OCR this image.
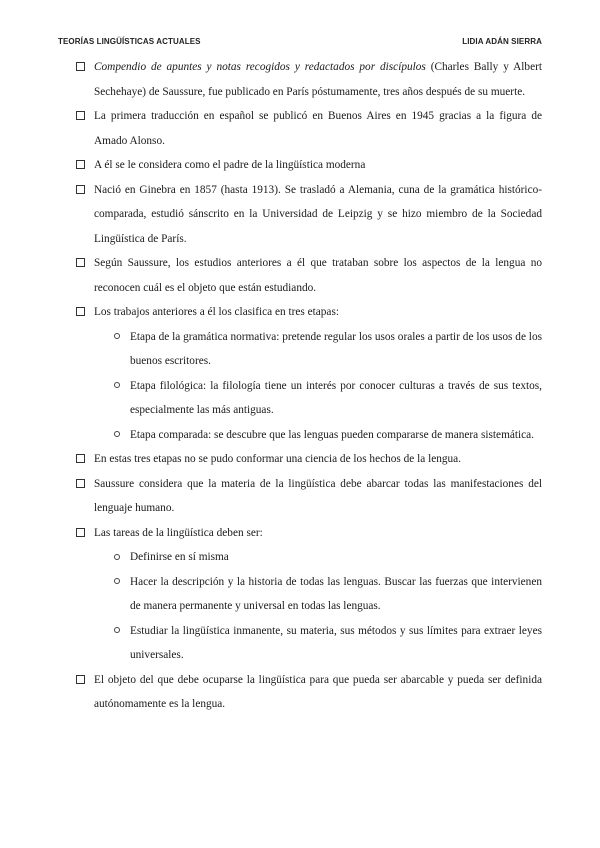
TEORÍAS LINGÜÍSTICAS ACTUALES	LIDIA ADÁN SIERRA
Compendio de apuntes y notas recogidos y redactados por discípulos (Charles Bally y Albert Sechehaye) de Saussure, fue publicado en París póstumamente, tres años después de su muerte.
La primera traducción en español se publicó en Buenos Aires en 1945 gracias a la figura de Amado Alonso.
A él se le considera como el padre de la lingüística moderna
Nació en Ginebra en 1857 (hasta 1913). Se trasladó a Alemania, cuna de la gramática histórico-comparada, estudió sánscrito en la Universidad de Leipzig y se hizo miembro de la Sociedad Lingüística de París.
Según Saussure, los estudios anteriores a él que trataban sobre los aspectos de la lengua no reconocen cuál es el objeto que están estudiando.
Los trabajos anteriores a él los clasifica en tres etapas:
Etapa de la gramática normativa: pretende regular los usos orales a partir de los usos de los buenos escritores.
Etapa filológica: la filología tiene un interés por conocer culturas a través de sus textos, especialmente las más antiguas.
Etapa comparada: se descubre que las lenguas pueden compararse de manera sistemática.
En estas tres etapas no se pudo conformar una ciencia de los hechos de la lengua.
Saussure considera que la materia de la lingüística debe abarcar todas las manifestaciones del lenguaje humano.
Las tareas de la lingüística deben ser:
Definirse en sí misma
Hacer la descripción y la historia de todas las lenguas. Buscar las fuerzas que intervienen de manera permanente y universal en todas las lenguas.
Estudiar la lingüística inmanente, su materia, sus métodos y sus límites para extraer leyes universales.
El objeto del que debe ocuparse la lingüística para que pueda ser abarcable y pueda ser definida autónomamente es la lengua.
